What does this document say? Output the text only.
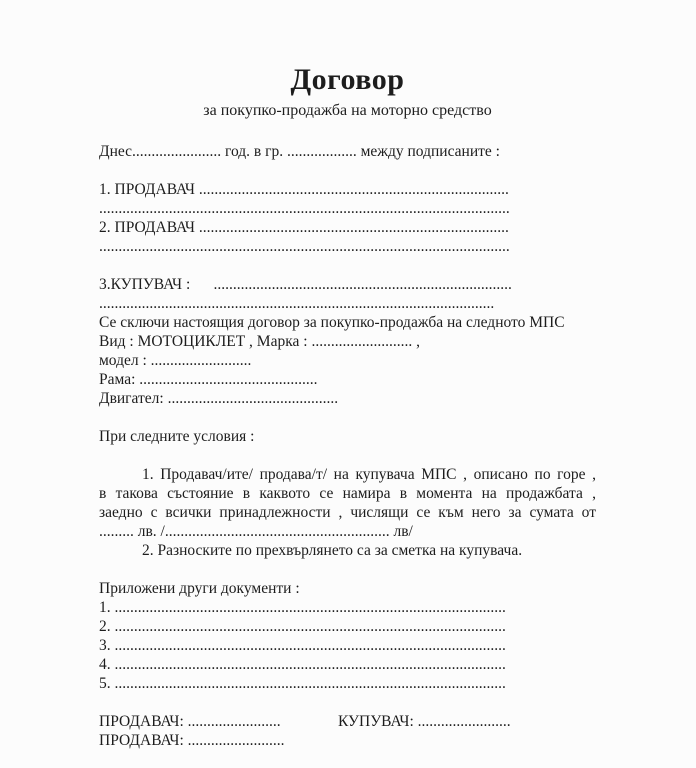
Договор
за покупко-продажба на моторно средство
Днес....................... год. в гр. .................. между подписаните :
1. ПРОДАВАЧ ................................................................................
..........................................................................................................
2. ПРОДАВАЧ ................................................................................
..........................................................................................................
3.КУПУВАЧ :      .............................................................................
......................................................................................................
Се сключи настоящия договор за покупко-продажба на следното МПС
Вид : МОТОЦИКЛЕТ , Марка : .......................... ,
модел : ..........................
Рама: ..............................................
Двигател: ............................................
При следните условия :
1. Продавач/ите/ продава/т/ на купувача МПС , описано по горе ,
в такова състояние в каквото се намира в момента на продажбата ,
заедно с всички принадлежности , числящи се към него за сумата от
......... лв. /.......................................................... лв/
2. Разноските по прехвърлянето са за сметка на купувача.
Приложени други документи :
1. .....................................................................................................
2. .....................................................................................................
3. .....................................................................................................
4. .....................................................................................................
5. .....................................................................................................
ПРОДАВАЧ: ........................	КУПУВАЧ: ........................
ПРОДАВАЧ: .........................
